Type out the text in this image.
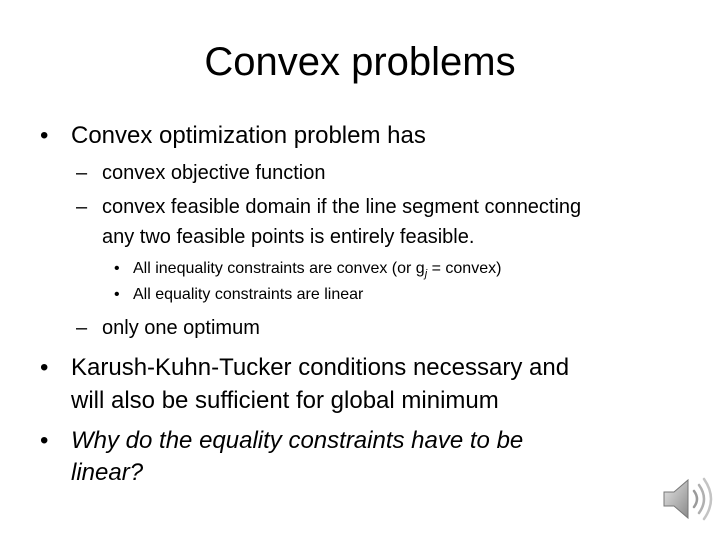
Convex problems
• Convex optimization problem has
– convex objective function
– convex feasible domain if the line segment connecting
any two feasible points is entirely feasible.
• All inequality constraints are convex (or $g_j$ = convex)
• All equality constraints are linear
– only one optimum
• Karush-Kuhn-Tucker conditions necessary and
will also be sufficient for global minimum
• Why do the equality constraints have to be
linear?
